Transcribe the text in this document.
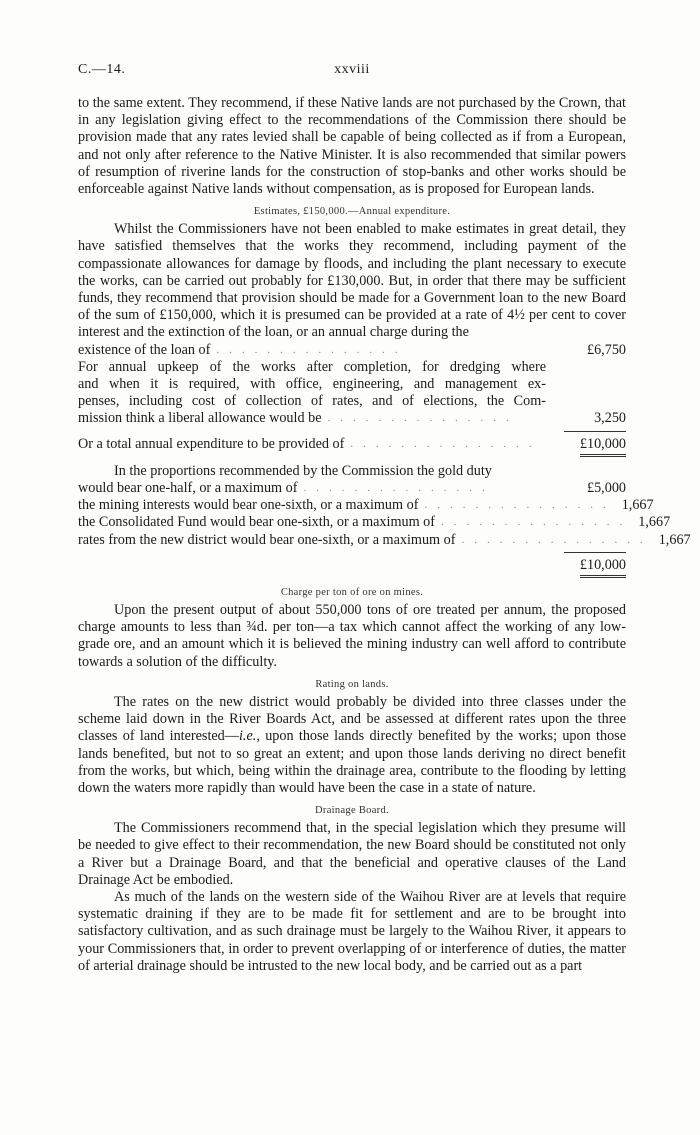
C.—14.	xxviii

to the same extent. They recommend, if these Native lands are not purchased by the Crown, that in any legislation giving effect to the recommendations of the Commission there should be provision made that any rates levied shall be capable of being collected as if from a European, and not only after reference to the Native Minister. It is also recommended that similar powers of resumption of riverine lands for the construction of stop-banks and other works should be enforceable against Native lands without compensation, as is proposed for European lands.

Estimates, £150,000.—Annual expenditure.

Whilst the Commissioners have not been enabled to make estimates in great detail, they have satisfied themselves that the works they recommend, including payment of the compassionate allowances for damage by floods, and including the plant necessary to execute the works, can be carried out probably for £130,000. But, in order that there may be sufficient funds, they recommend that provision should be made for a Government loan to the new Board of the sum of £150,000, which it is presumed can be provided at a rate of 4½ per cent to cover interest and the extinction of the loan, or an annual charge during the

existence of the loan of ...............	£6,750
For annual upkeep of the works after completion, for dredging where
and when it is required, with office, engineering, and management ex-
penses, including cost of collection of rates, and of elections, the Com-
mission think a liberal allowance would be ...............	3,250
Or a total annual expenditure to be provided of ...............	£10,000

In the proportions recommended by the Commission the gold duty

would bear one-half, or a maximum of ...............	£5,000
the mining interests would bear one-sixth, or a maximum of ............... 1,667
the Consolidated Fund would bear one-sixth, or a maximum of ............... 1,667
rates from the new district would bear one-sixth, or a maximum of ............... 1,667
£10,000
Charge per ton of ore on mines.

Upon the present output of about 550,000 tons of ore treated per annum, the proposed charge amounts to less than ¾d. per ton—a tax which cannot affect the working of any low-grade ore, and an amount which it is believed the mining industry can well afford to contribute towards a solution of the difficulty.

Rating on lands.

The rates on the new district would probably be divided into three classes under the scheme laid down in the River Boards Act, and be assessed at different rates upon the three classes of land interested—i.e., upon those lands directly benefited by the works; upon those lands benefited, but not to so great an extent; and upon those lands deriving no direct benefit from the works, but which, being within the drainage area, contribute to the flooding by letting down the waters more rapidly than would have been the case in a state of nature.

Drainage Board.

The Commissioners recommend that, in the special legislation which they presume will be needed to give effect to their recommendation, the new Board should be constituted not only a River but a Drainage Board, and that the beneficial and operative clauses of the Land Drainage Act be embodied.

As much of the lands on the western side of the Waihou River are at levels that require systematic draining if they are to be made fit for settlement and are to be brought into satisfactory cultivation, and as such drainage must be largely to the Waihou River, it appears to your Commissioners that, in order to prevent overlapping of or interference of duties, the matter of arterial drainage should be intrusted to the new local body, and be carried out as a part
